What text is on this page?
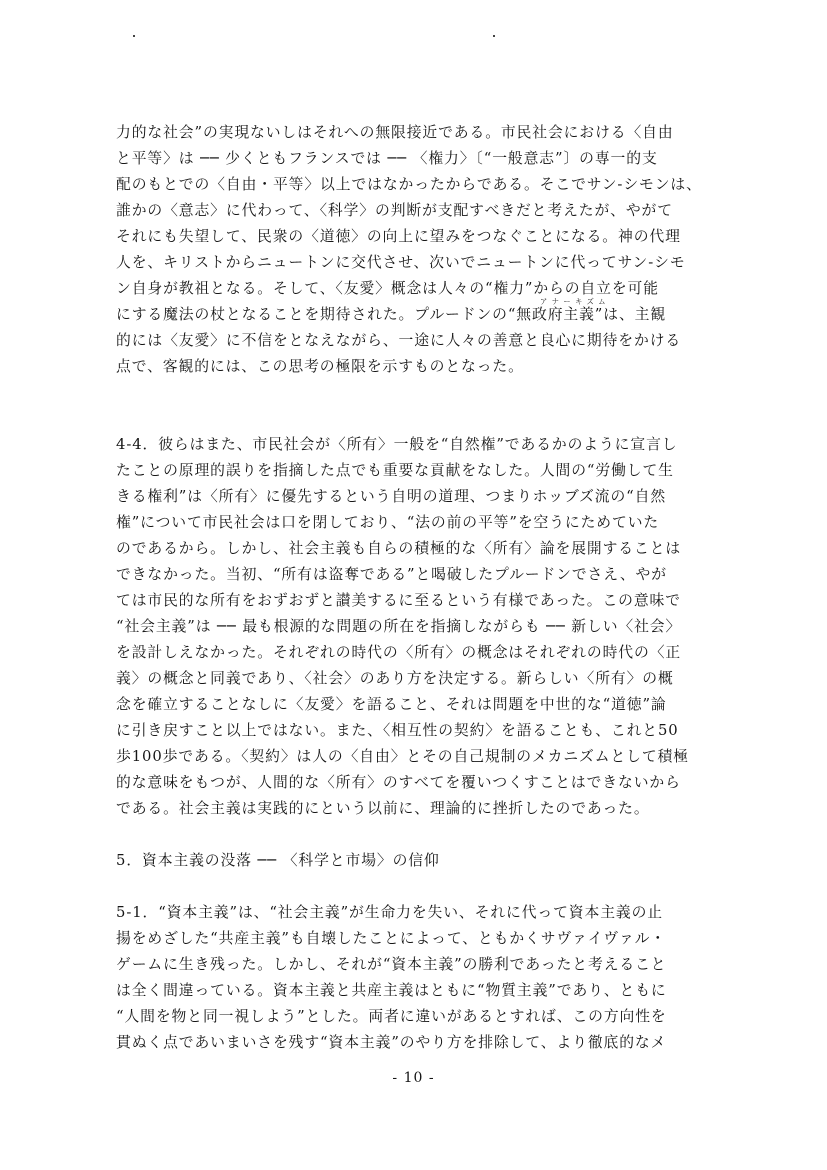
力的な社会”の実現ないしはそれへの無限接近である。市民社会における〈自由
と平等〉は ── 少くともフランスでは ── 〈権力〉〔“一般意志”〕の専一的支
配のもとでの〈自由・平等〉以上ではなかったからである。そこでサン-シモンは、
誰かの〈意志〉に代わって、〈科学〉の判断が支配すべきだと考えたが、やがて
それにも失望して、民衆の〈道徳〉の向上に望みをつなぐことになる。神の代理
人を、キリストからニュートンに交代させ、次いでニュートンに代ってサン-シモ
ン自身が教祖となる。そして、〈友愛〉概念は人々の“権力”からの自立を可能
アナーキズム
にする魔法の杖となることを期待された。プルードンの“無政府主義”は、主観
的には〈友愛〉に不信をとなえながら、一途に人々の善意と良心に期待をかける
点で、客観的には、この思考の極限を示すものとなった。
4-4．彼らはまた、市民社会が〈所有〉一般を“自然権”であるかのように宣言し
たことの原理的誤りを指摘した点でも重要な貢献をなした。人間の“労働して生
きる権利”は〈所有〉に優先するという自明の道理、つまりホッブズ流の“自然
権”について市民社会は口を閉しており、“法の前の平等”を空うにためていた
のであるから。しかし、社会主義も自らの積極的な〈所有〉論を展開することは
できなかった。当初、“所有は盗奪である”と喝破したプルードンでさえ、やが
ては市民的な所有をおずおずと讃美するに至るという有様であった。この意味で
“社会主義”は ── 最も根源的な問題の所在を指摘しながらも ── 新しい〈社会〉
を設計しえなかった。それぞれの時代の〈所有〉の概念はそれぞれの時代の〈正
義〉の概念と同義であり、〈社会〉のあり方を決定する。新らしい〈所有〉の概
念を確立することなしに〈友愛〉を語ること、それは問題を中世的な“道徳”論
に引き戻すこと以上ではない。また、〈相互性の契約〉を語ることも、これと50
歩100歩である。〈契約〉は人の〈自由〉とその自己規制のメカニズムとして積極
的な意味をもつが、人間的な〈所有〉のすべてを覆いつくすことはできないから
である。社会主義は実践的にという以前に、理論的に挫折したのであった。
5．資本主義の没落 ── 〈科学と市場〉の信仰
5-1．“資本主義”は、“社会主義”が生命力を失い、それに代って資本主義の止
揚をめざした“共産主義”も自壊したことによって、ともかくサヴァイヴァル・
ゲームに生き残った。しかし、それが“資本主義”の勝利であったと考えること
は全く間違っている。資本主義と共産主義はともに“物質主義”であり、ともに
“人間を物と同一視しよう”とした。両者に違いがあるとすれば、この方向性を
貫ぬく点であいまいさを残す“資本主義”のやり方を排除して、より徹底的なメ
- 10 -
